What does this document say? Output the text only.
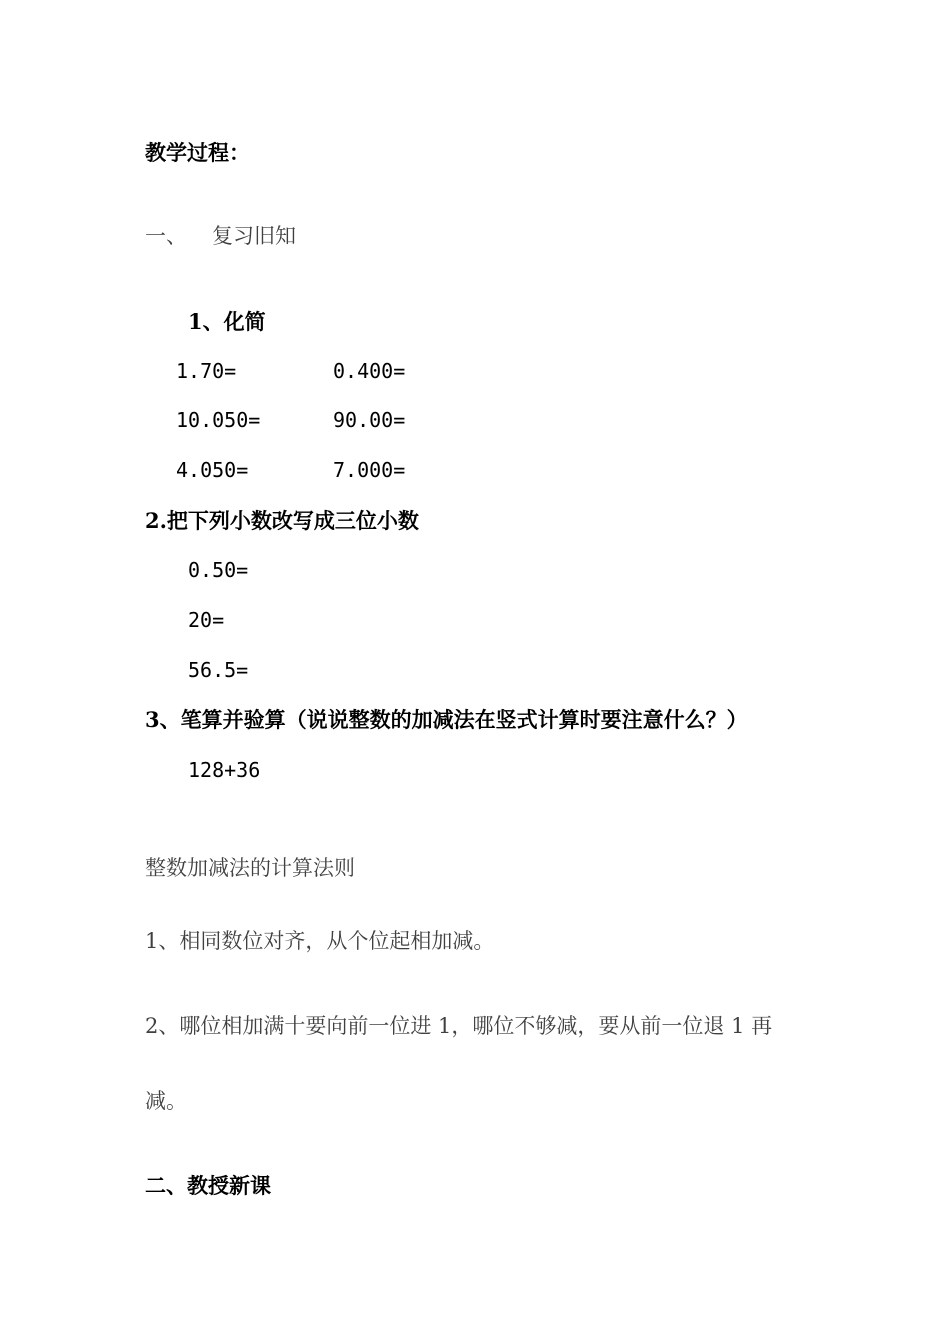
教学过程：
一、 复习旧知
1、化简
1.70=	0.400=
10.050=	90.00=
4.050=	7.000=
2.把下列小数改写成三位小数
0.50=
20=
56.5=
3、笔算并验算（说说整数的加减法在竖式计算时要注意什么？）
128+36
整数加减法的计算法则
1、相同数位对齐，从个位起相加减。
2、哪位相加满十要向前一位进 1，哪位不够减，要从前一位退 1 再
减。
二、教授新课
